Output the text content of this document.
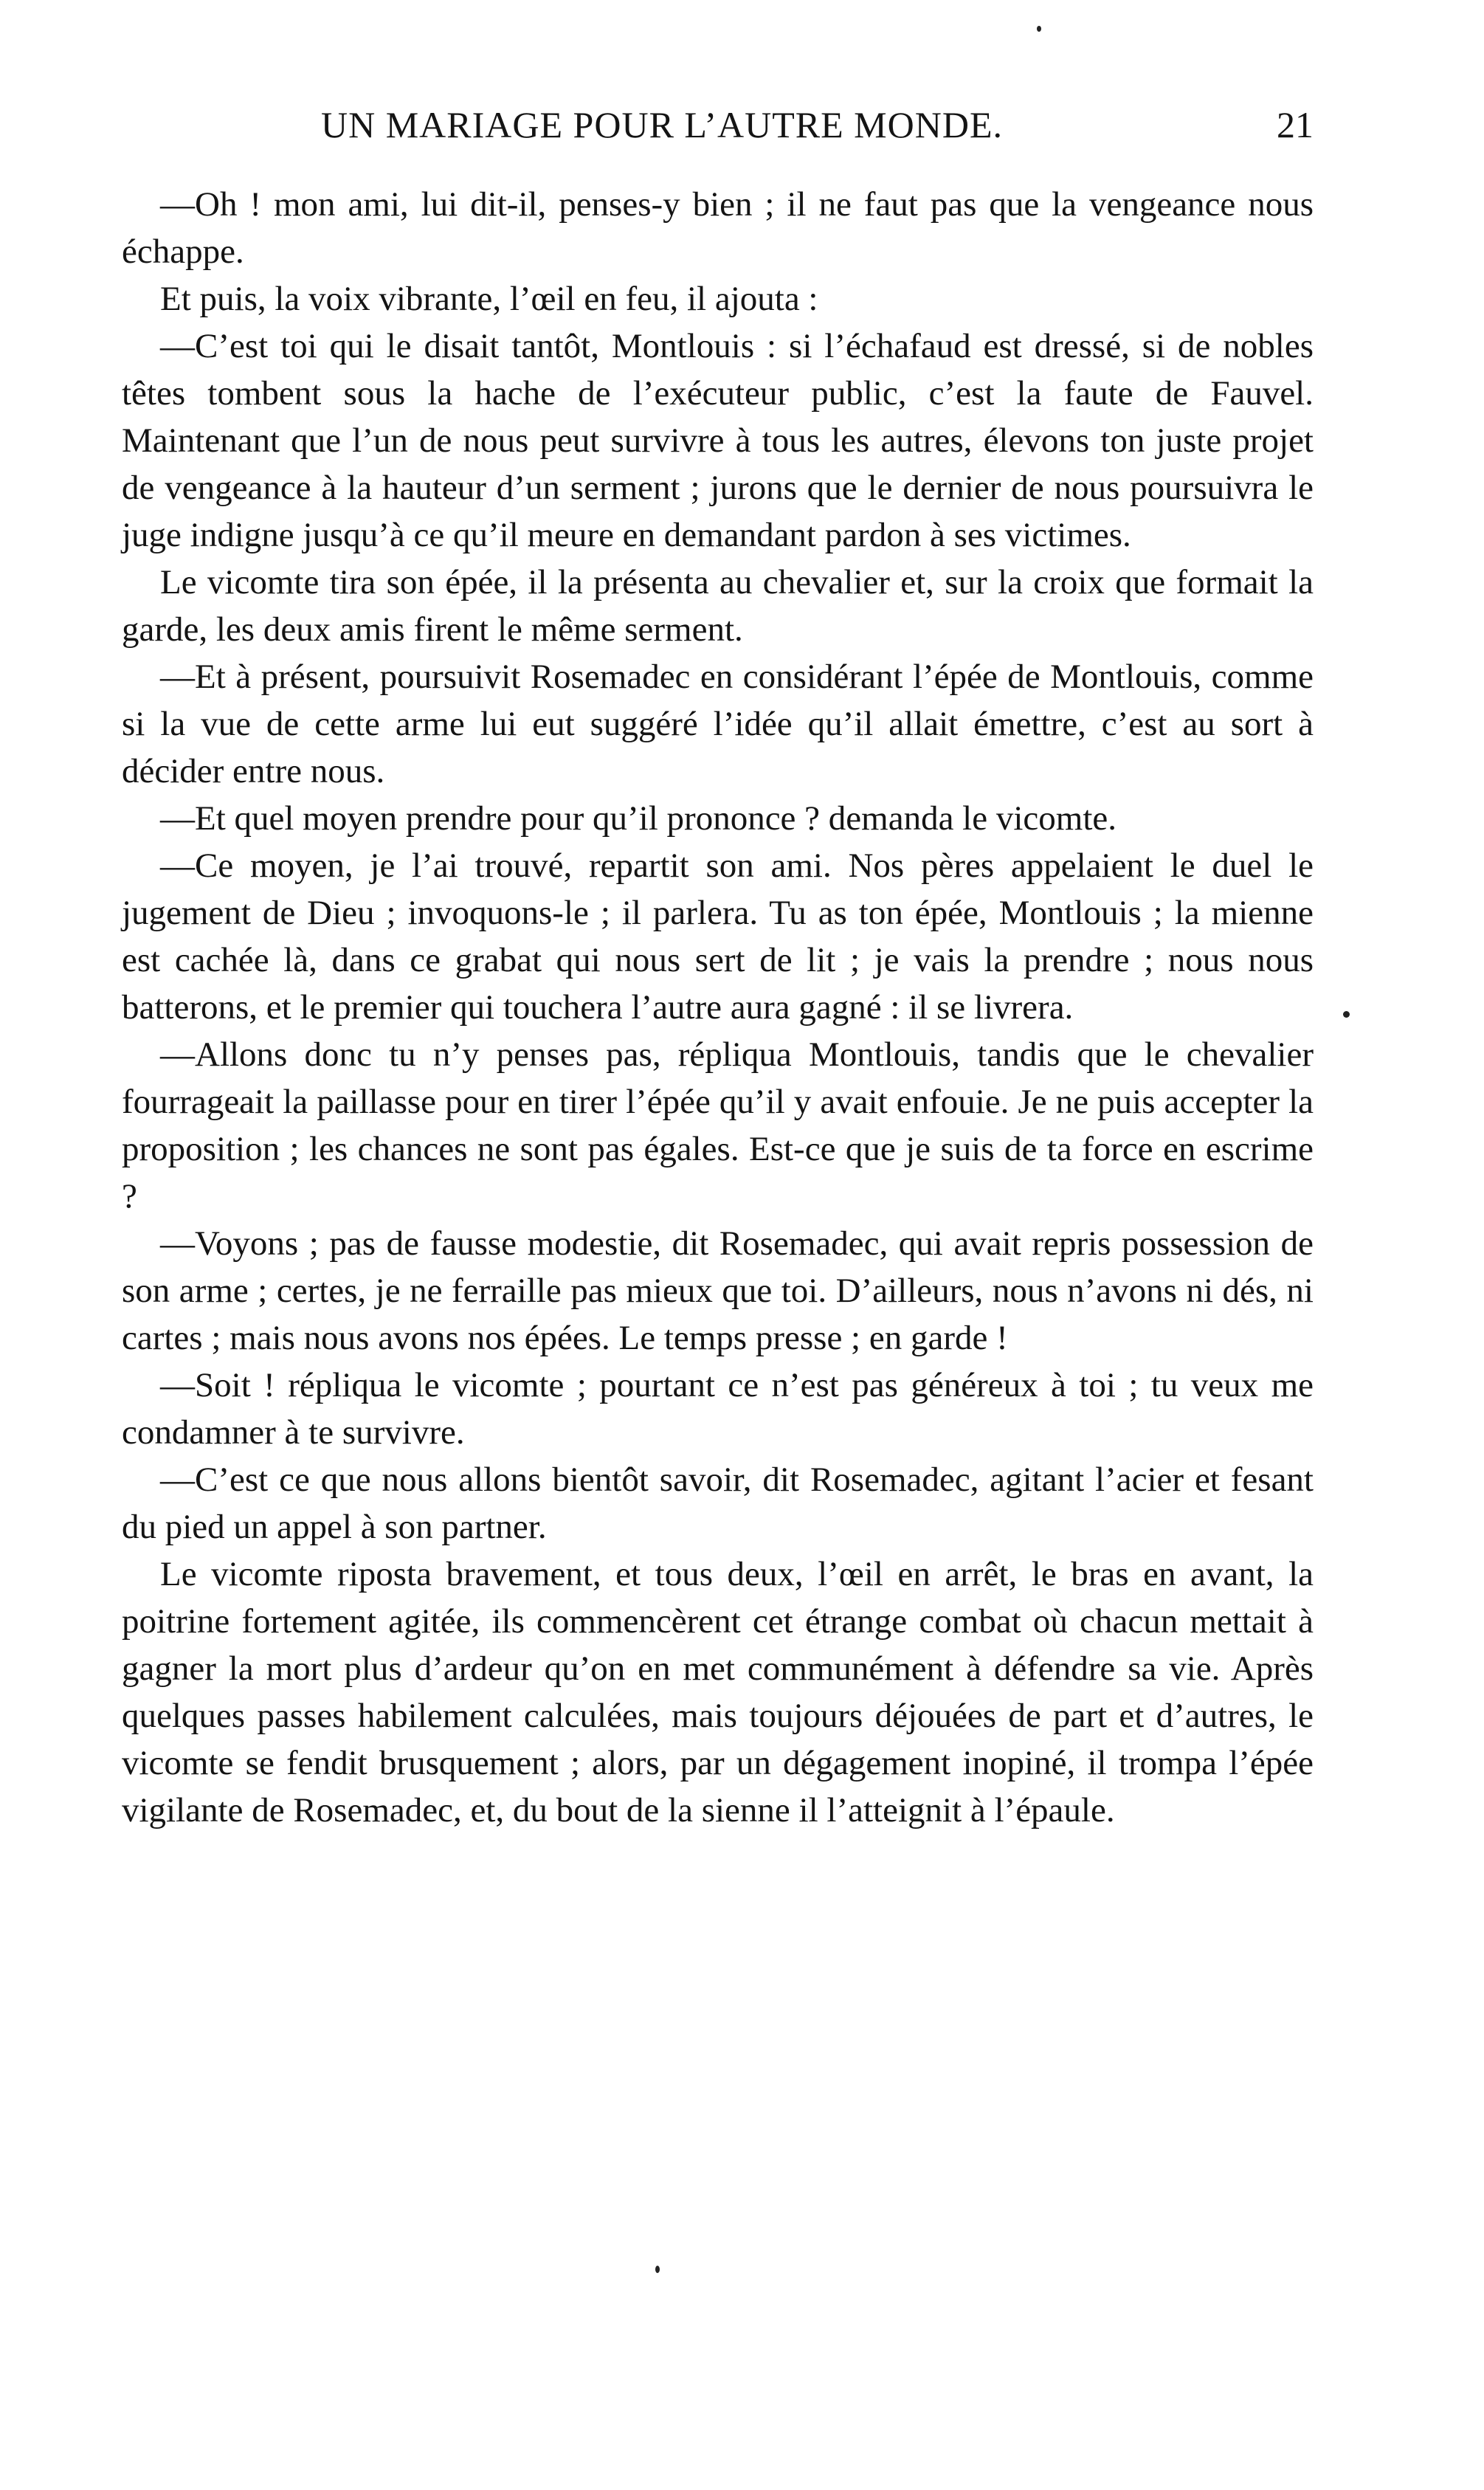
UN MARIAGE POUR L’AUTRE MONDE.	21

—Oh ! mon ami, lui dit-il, penses-y bien ; il ne faut pas que la vengeance nous échappe.

Et puis, la voix vibrante, l’œil en feu, il ajouta :

—C’est toi qui le disait tantôt, Montlouis : si l’échafaud est dressé, si de nobles têtes tombent sous la hache de l’exécuteur public, c’est la faute de Fauvel. Maintenant que l’un de nous peut survivre à tous les autres, élevons ton juste projet de vengeance à la hauteur d’un serment ; jurons que le dernier de nous poursuivra le juge indigne jusqu’à ce qu’il meure en demandant pardon à ses victimes.

Le vicomte tira son épée, il la présenta au chevalier et, sur la croix que formait la garde, les deux amis firent le même serment.

—Et à présent, poursuivit Rosemadec en considérant l’épée de Montlouis, comme si la vue de cette arme lui eut suggéré l’idée qu’il allait émettre, c’est au sort à décider entre nous.

—Et quel moyen prendre pour qu’il prononce ? demanda le vicomte.

—Ce moyen, je l’ai trouvé, repartit son ami. Nos pères appelaient le duel le jugement de Dieu ; invoquons-le ; il parlera. Tu as ton épée, Montlouis ; la mienne est cachée là, dans ce grabat qui nous sert de lit ; je vais la prendre ; nous nous batterons, et le premier qui touchera l’autre aura gagné : il se livrera.

—Allons donc tu n’y penses pas, répliqua Montlouis, tandis que le chevalier fourrageait la paillasse pour en tirer l’épée qu’il y avait enfouie. Je ne puis accepter la proposition ; les chances ne sont pas égales. Est-ce que je suis de ta force en escrime ?

—Voyons ; pas de fausse modestie, dit Rosemadec, qui avait repris possession de son arme ; certes, je ne ferraille pas mieux que toi. D’ailleurs, nous n’avons ni dés, ni cartes ; mais nous avons nos épées. Le temps presse ; en garde !

—Soit ! répliqua le vicomte ; pourtant ce n’est pas généreux à toi ; tu veux me condamner à te survivre.

—C’est ce que nous allons bientôt savoir, dit Rosemadec, agitant l’acier et fesant du pied un appel à son partner.

Le vicomte riposta bravement, et tous deux, l’œil en arrêt, le bras en avant, la poitrine fortement agitée, ils commencèrent cet étrange combat où chacun mettait à gagner la mort plus d’ardeur qu’on en met communément à défendre sa vie. Après quelques passes habilement calculées, mais toujours déjouées de part et d’autres, le vicomte se fendit brusquement ; alors, par un dégagement inopiné, il trompa l’épée vigilante de Rosemadec, et, du bout de la sienne il l’atteignit à l’épaule.
